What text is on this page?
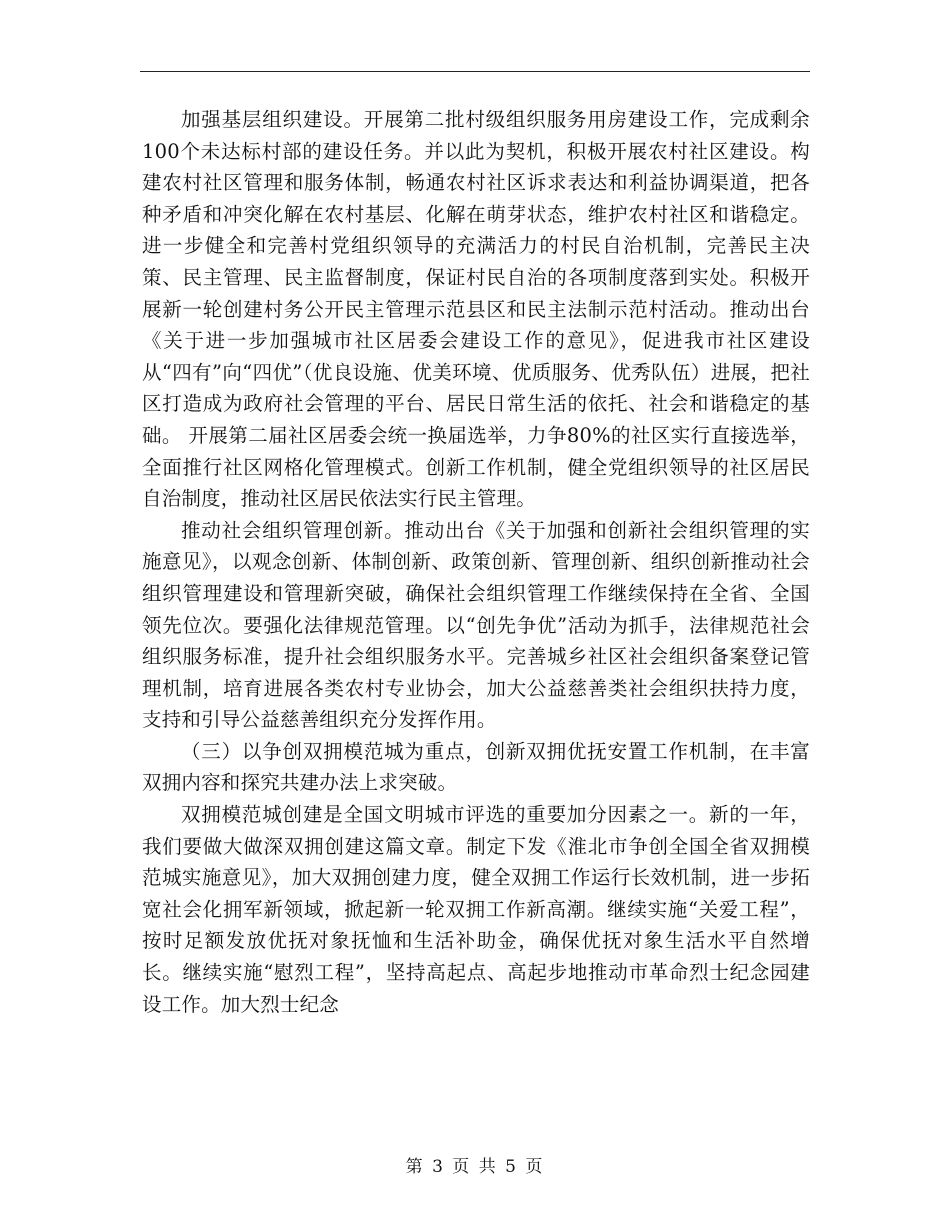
加强基层组织建设。开展第二批村级组织服务用房建设工作，完成剩余100个未达标村部的建设任务。并以此为契机，积极开展农村社区建设。构建农村社区管理和服务体制，畅通农村社区诉求表达和利益协调渠道，把各种矛盾和冲突化解在农村基层、化解在萌芽状态，维护农村社区和谐稳定。进一步健全和完善村党组织领导的充满活力的村民自治机制，完善民主决策、民主管理、民主监督制度，保证村民自治的各项制度落到实处。积极开展新一轮创建村务公开民主管理示范县区和民主法制示范村活动。推动出台《关于进一步加强城市社区居委会建设工作的意见》，促进我市社区建设从“四有”向“四优”（优良设施、优美环境、优质服务、优秀队伍）进展，把社区打造成为政府社会管理的平台、居民日常生活的依托、社会和谐稳定的基础。 开展第二届社区居委会统一换届选举，力争80%的社区实行直接选举，全面推行社区网格化管理模式。创新工作机制，健全党组织领导的社区居民自治制度，推动社区居民依法实行民主管理。

推动社会组织管理创新。推动出台《关于加强和创新社会组织管理的实施意见》，以观念创新、体制创新、政策创新、管理创新、组织创新推动社会组织管理建设和管理新突破，确保社会组织管理工作继续保持在全省、全国领先位次。要强化法律规范管理。以“创先争优”活动为抓手，法律规范社会组织服务标准，提升社会组织服务水平。完善城乡社区社会组织备案登记管理机制，培育进展各类农村专业协会，加大公益慈善类社会组织扶持力度，支持和引导公益慈善组织充分发挥作用。

（三）以争创双拥模范城为重点，创新双拥优抚安置工作机制，在丰富双拥内容和探究共建办法上求突破。

双拥模范城创建是全国文明城市评选的重要加分因素之一。新的一年，我们要做大做深双拥创建这篇文章。制定下发《淮北市争创全国全省双拥模范城实施意见》，加大双拥创建力度，健全双拥工作运行长效机制，进一步拓宽社会化拥军新领域，掀起新一轮双拥工作新高潮。继续实施“关爱工程”，按时足额发放优抚对象抚恤和生活补助金，确保优抚对象生活水平自然增长。继续实施“慰烈工程”，坚持高起点、高起步地推动市革命烈士纪念园建设工作。加大烈士纪念

第 3 页 共 5 页
